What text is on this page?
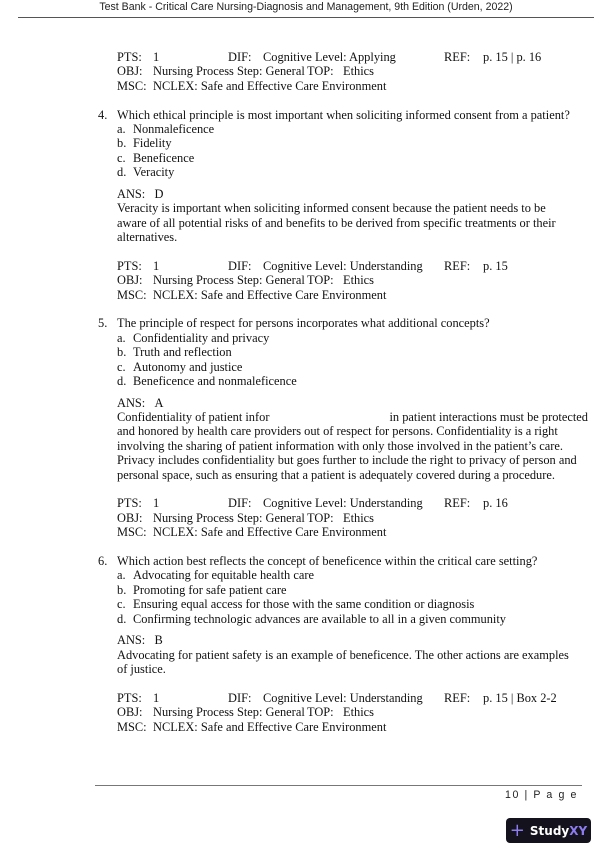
Test Bank - Critical Care Nursing-Diagnosis and Management, 9th Edition (Urden, 2022)
PTS: 1	DIF: Cognitive Level: Applying	REF: p. 15 | p. 16
OBJ: Nursing Process Step: General TOP: Ethics
MSC: NCLEX: Safe and Effective Care Environment
4. Which ethical principle is most important when soliciting informed consent from a patient?
a. Nonmaleficence
b. Fidelity
c. Beneficence
d. Veracity
ANS: D
Veracity is important when soliciting informed consent because the patient needs to be
aware of all potential risks of and benefits to be derived from specific treatments or their
alternatives.
PTS: 1	DIF: Cognitive Level: Understanding REF: p. 15
OBJ: Nursing Process Step: General TOP: Ethics
MSC: NCLEX: Safe and Effective Care Environment
5. The principle of respect for persons incorporates what additional concepts?
a. Confidentiality and privacy
b. Truth and reflection
c. Autonomy and justice
d. Beneficence and nonmaleficence
ANS: A
Confidentiality of patient infor	in patient interactions must be protected
and honored by health care providers out of respect for persons. Confidentiality is a right
involving the sharing of patient information with only those involved in the patient’s care.
Privacy includes confidentiality but goes further to include the right to privacy of person and
personal space, such as ensuring that a patient is adequately covered during a procedure.
PTS: 1	DIF: Cognitive Level: Understanding REF: p. 16
OBJ: Nursing Process Step: General TOP: Ethics
MSC: NCLEX: Safe and Effective Care Environment
6. Which action best reflects the concept of beneficence within the critical care setting?
a. Advocating for equitable health care
b. Promoting for safe patient care
c. Ensuring equal access for those with the same condition or diagnosis
d. Confirming technologic advances are available to all in a given community
ANS: B
Advocating for patient safety is an example of beneficence. The other actions are examples
of justice.
PTS: 1	DIF: Cognitive Level: Understanding REF: p. 15 | Box 2-2
OBJ: Nursing Process Step: General TOP: Ethics
MSC: NCLEX: Safe and Effective Care Environment
10 | P a g e
+ StudyXY
